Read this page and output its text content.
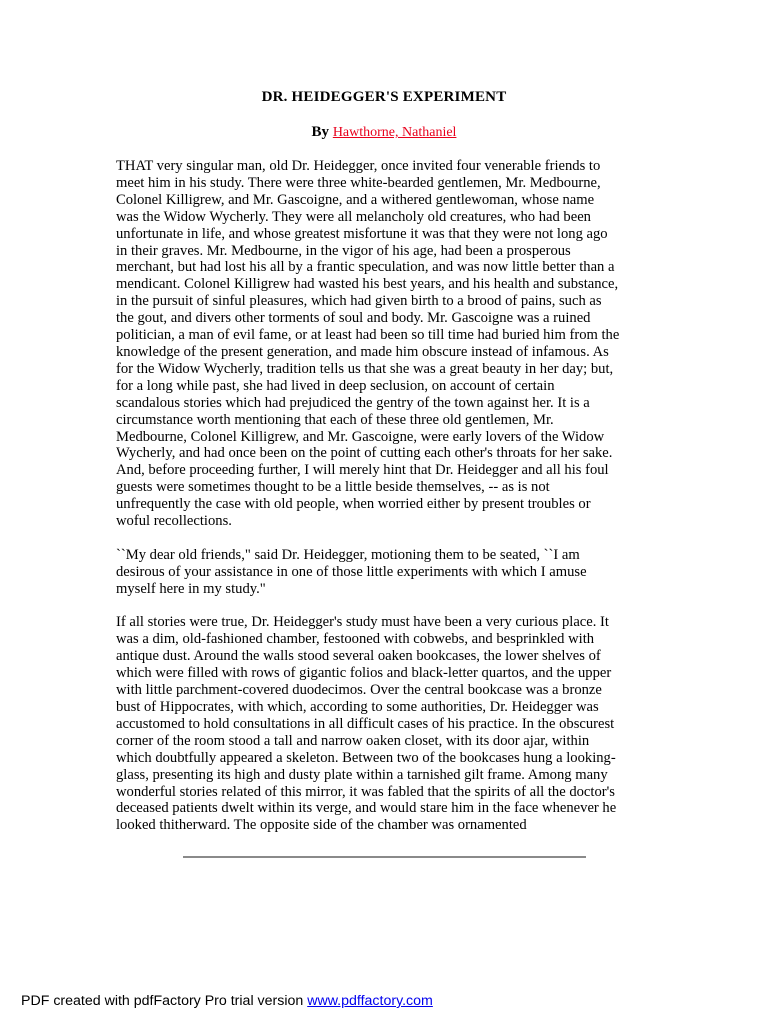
DR. HEIDEGGER'S EXPERIMENT

By Hawthorne, Nathaniel

THAT very singular man, old Dr. Heidegger, once invited four venerable friends to
meet him in his study. There were three white-bearded gentlemen, Mr. Medbourne,
Colonel Killigrew, and Mr. Gascoigne, and a withered gentlewoman, whose name
was the Widow Wycherly. They were all melancholy old creatures, who had been
unfortunate in life, and whose greatest misfortune it was that they were not long ago
in their graves. Mr. Medbourne, in the vigor of his age, had been a prosperous
merchant, but had lost his all by a frantic speculation, and was now little better than a
mendicant. Colonel Killigrew had wasted his best years, and his health and substance,
in the pursuit of sinful pleasures, which had given birth to a brood of pains, such as
the gout, and divers other torments of soul and body. Mr. Gascoigne was a ruined
politician, a man of evil fame, or at least had been so till time had buried him from the
knowledge of the present generation, and made him obscure instead of infamous. As
for the Widow Wycherly, tradition tells us that she was a great beauty in her day; but,
for a long while past, she had lived in deep seclusion, on account of certain
scandalous stories which had prejudiced the gentry of the town against her. It is a
circumstance worth mentioning that each of these three old gentlemen, Mr.
Medbourne, Colonel Killigrew, and Mr. Gascoigne, were early lovers of the Widow
Wycherly, and had once been on the point of cutting each other's throats for her sake.
And, before proceeding further, I will merely hint that Dr. Heidegger and all his foul
guests were sometimes thought to be a little beside themselves, -- as is not
unfrequently the case with old people, when worried either by present troubles or
woful recollections.

``My dear old friends," said Dr. Heidegger, motioning them to be seated, ``I am
desirous of your assistance in one of those little experiments with which I amuse
myself here in my study."

If all stories were true, Dr. Heidegger's study must have been a very curious place. It
was a dim, old-fashioned chamber, festooned with cobwebs, and besprinkled with
antique dust. Around the walls stood several oaken bookcases, the lower shelves of
which were filled with rows of gigantic folios and black-letter quartos, and the upper
with little parchment-covered duodecimos. Over the central bookcase was a bronze
bust of Hippocrates, with which, according to some authorities, Dr. Heidegger was
accustomed to hold consultations in all difficult cases of his practice. In the obscurest
corner of the room stood a tall and narrow oaken closet, with its door ajar, within
which doubtfully appeared a skeleton. Between two of the bookcases hung a looking-
glass, presenting its high and dusty plate within a tarnished gilt frame. Among many
wonderful stories related of this mirror, it was fabled that the spirits of all the doctor's
deceased patients dwelt within its verge, and would stare him in the face whenever he
looked thitherward. The opposite side of the chamber was ornamented

PDF created with pdfFactory Pro trial version www.pdffactory.com
